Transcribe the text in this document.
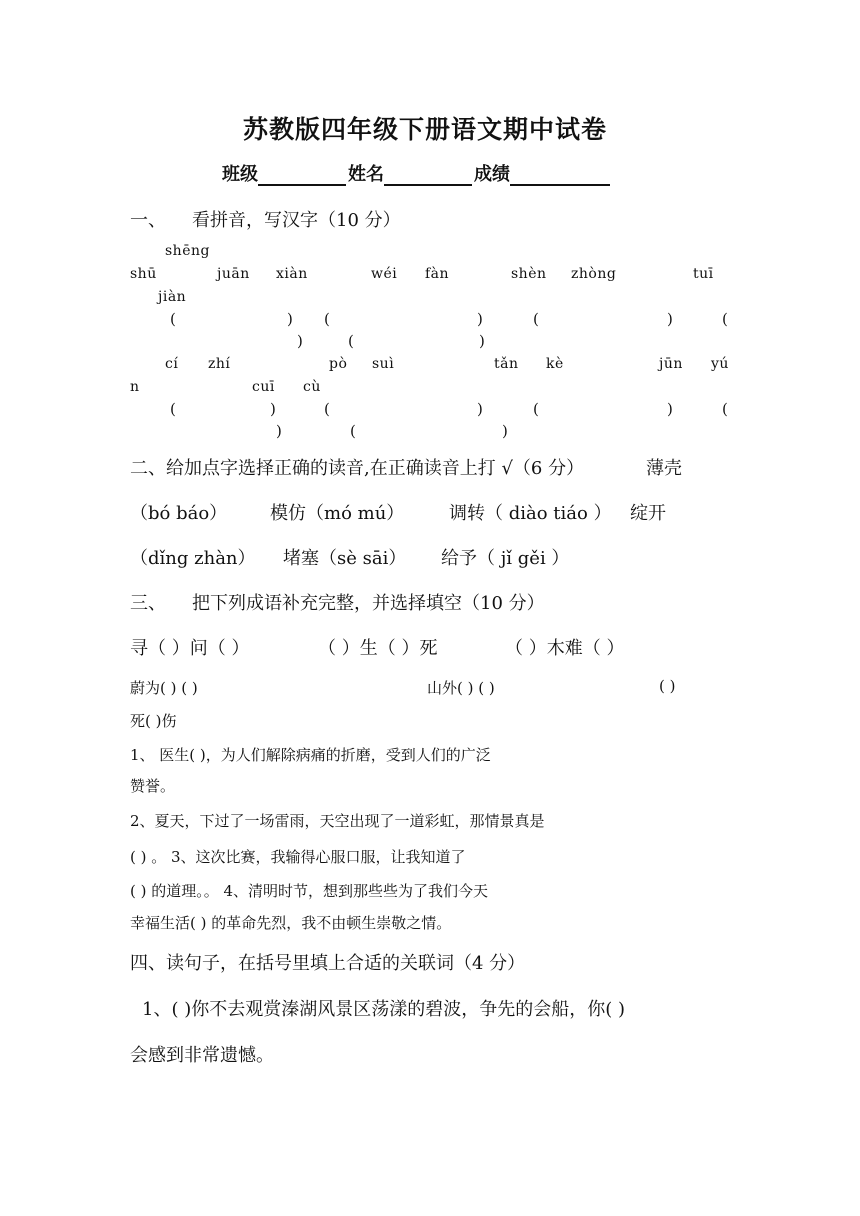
苏教版四年级下册语文期中试卷
班级	姓名	成绩
一、 看拼音，写汉字（10 分）
shēng
shū	juān xiàn	wéi fàn	shèn zhòng	tuī
jiàn
(	) (	)	(	)	(
)	(	)
cí zhí	pò suì	tǎn kè	jūn yú
n	cuī cù
(	)	(	)	(	)	(
)	(	)
二、给加点字选择正确的读音,在正确读音上打 √（6 分）	薄壳
（bó báo） 模仿（mó mú） 调转（ diào tiáo ） 绽开
（dǐng zhàn） 堵塞（sè sāi） 给予（ jǐ gěi ）
三、 把下列成语补充完整，并选择填空（10 分）
寻（ ）问（ ）	（ ）生（ ）死	（ ）木难（ ）
蔚为( ) ( )	山外( ) ( )	( )
死( )伤
1、 医生( )，为人们解除病痛的折磨，受到人们的广泛
赞誉。
2、夏天，下过了一场雷雨，天空出现了一道彩虹，那情景真是
( ) 。 3、这次比赛，我输得心服口服，让我知道了
( ) 的道理。。 4、清明时节，想到那些些为了我们今天
幸福生活( ) 的革命先烈，我不由顿生崇敬之情。
四、读句子，在括号里填上合适的关联词（4 分）
1、( )你不去观赏溱湖风景区荡漾的碧波，争先的会船，你( )
会感到非常遗憾。
